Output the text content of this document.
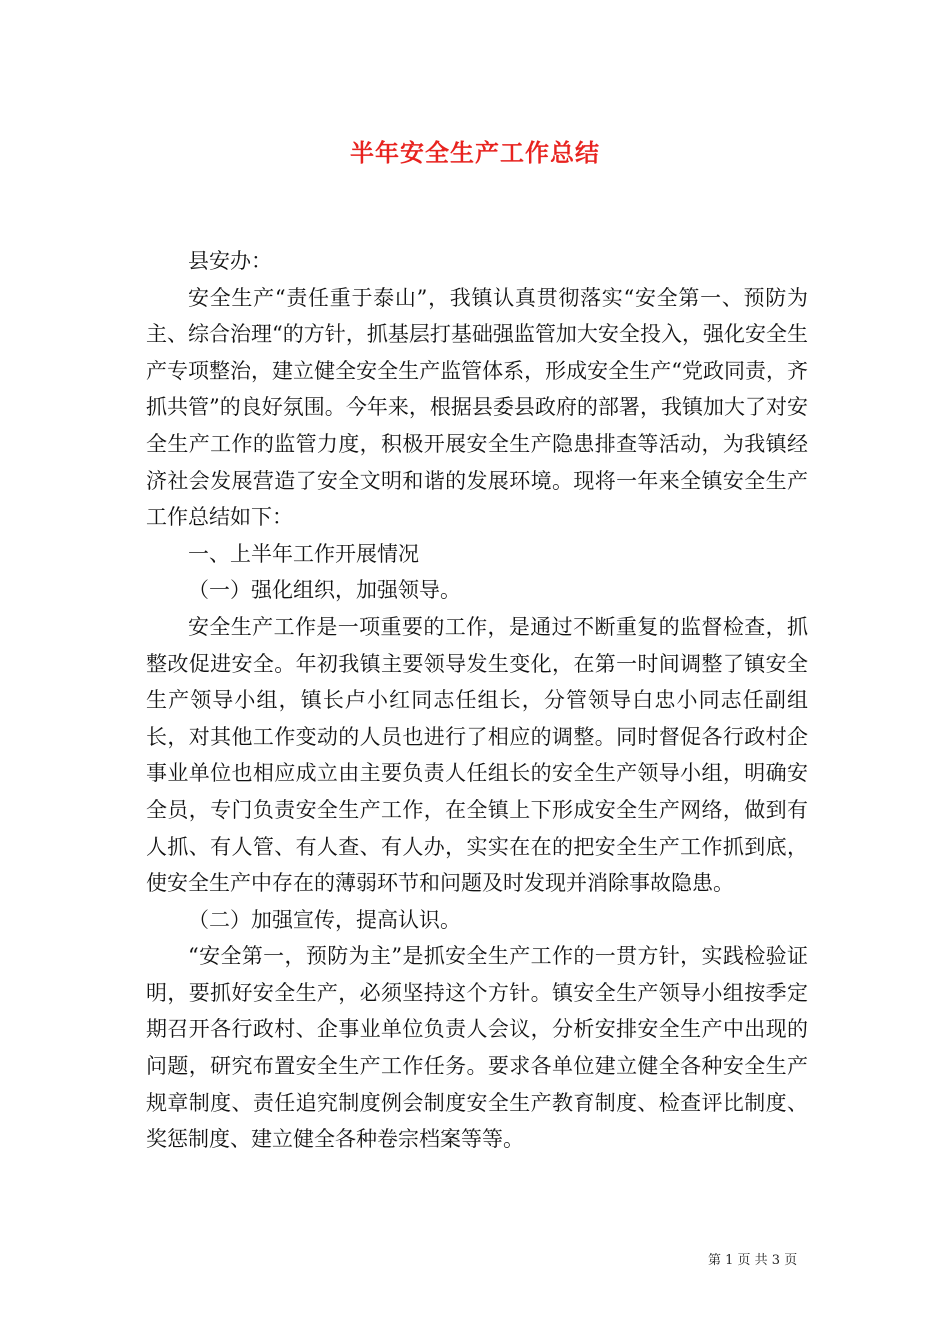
半年安全生产工作总结

县安办：

安全生产“责任重于泰山”，我镇认真贯彻落实“安全第一、预防为主、综合治理“的方针，抓基层打基础强监管加大安全投入，强化安全生产专项整治，建立健全安全生产监管体系，形成安全生产“党政同责，齐抓共管”的良好氛围。今年来，根据县委县政府的部署，我镇加大了对安全生产工作的监管力度，积极开展安全生产隐患排查等活动，为我镇经济社会发展营造了安全文明和谐的发展环境。现将一年来全镇安全生产工作总结如下：

一、上半年工作开展情况

（一）强化组织，加强领导。

安全生产工作是一项重要的工作，是通过不断重复的监督检查，抓整改促进安全。年初我镇主要领导发生变化，在第一时间调整了镇安全生产领导小组，镇长卢小红同志任组长，分管领导白忠小同志任副组长，对其他工作变动的人员也进行了相应的调整。同时督促各行政村企事业单位也相应成立由主要负责人任组长的安全生产领导小组，明确安全员，专门负责安全生产工作，在全镇上下形成安全生产网络，做到有人抓、有人管、有人查、有人办，实实在在的把安全生产工作抓到底，使安全生产中存在的薄弱环节和问题及时发现并消除事故隐患。

（二）加强宣传，提高认识。

“安全第一，预防为主”是抓安全生产工作的一贯方针，实践检验证明，要抓好安全生产，必须坚持这个方针。镇安全生产领导小组按季定期召开各行政村、企事业单位负责人会议，分析安排安全生产中出现的问题，研究布置安全生产工作任务。要求各单位建立健全各种安全生产规章制度、责任追究制度例会制度安全生产教育制度、检查评比制度、奖惩制度、建立健全各种卷宗档案等等。

第 1 页 共 3 页
